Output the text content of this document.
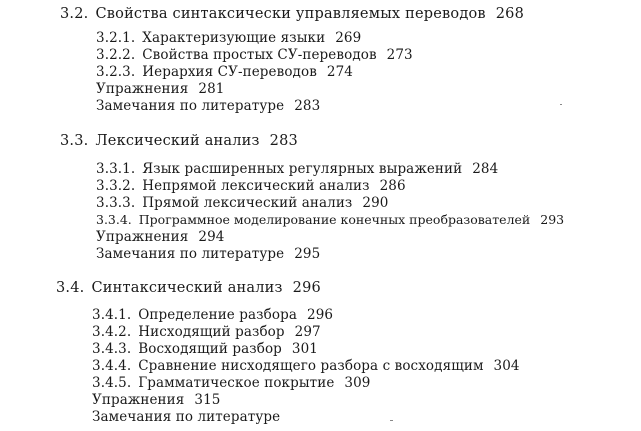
3.2. Свойства синтаксически управляемых переводов 268
3.2.1. Характеризующие языки 269
3.2.2. Свойства простых СУ-переводов 273
3.2.3. Иерархия СУ-переводов 274
Упражнения 281
Замечания по литературе 283
3.3. Лексический анализ 283
3.3.1. Язык расширенных регулярных выражений 284
3.3.2. Непрямой лексический анализ 286
3.3.3. Прямой лексический анализ 290
3.3.4. Программное моделирование конечных преобразователей 293
Упражнения 294
Замечания по литературе 295
3.4. Синтаксический анализ 296
3.4.1. Определение разбора 296
3.4.2. Нисходящий разбор 297
3.4.3. Восходящий разбор 301
3.4.4. Сравнение нисходящего разбора с восходящим 304
3.4.5. Грамматическое покрытие 309
Упражнения 315
Замечания по литературе
